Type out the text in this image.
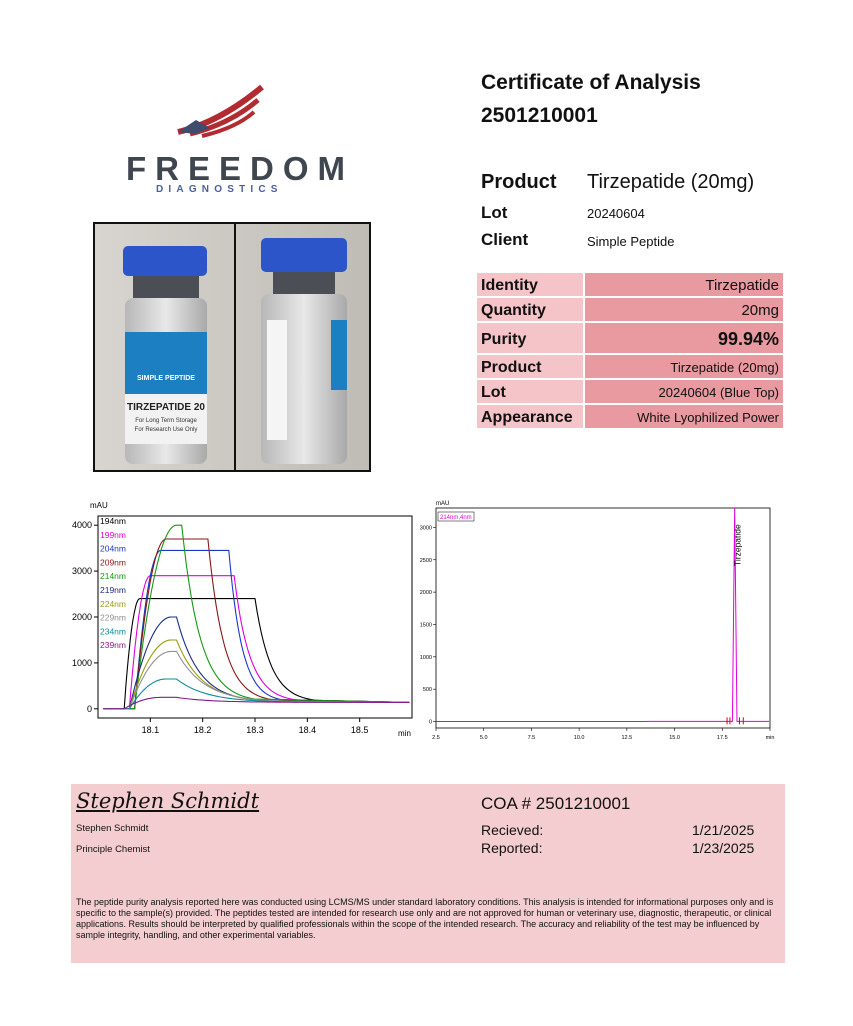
FREEDOM
DIAGNOSTICS
SIMPLE PEPTIDE
TIRZEPATIDE 20
For Long Term Storage
For Research Use Only
Certificate of Analysis
2501210001
Product Tirzepatide (20mg)
Lot	20240604
Client	Simple Peptide
Identity	Tirzepatide
Quantity	20mg
Purity	99.94%
Product	Tirzepatide (20mg)
Lot	20240604 (Blue Top)
Appearance	White Lyophilized Power
mAU
min
0
1000
2000
3000
4000
18.1	18.2	18.3	18.4	18.5
194nm
199nm
204nm
209nm
214nm
219nm
224nm
229nm
234nm
239nm
mAU
0
500
1000
1500
2000
2500
3000
2.5	5.0	7.5	10.0	12.5	15.0	17.5	min
214nm,4nm
Tirzepatide
Stephen Schmidt
Stephen Schmidt
Principle Chemist
COA # 2501210001
Recieved:	1/21/2025
Reported:	1/23/2025
The peptide purity analysis reported here was conducted using LCMS/MS under standard laboratory conditions. This analysis is intended for informational purposes only and is specific to the sample(s) provided. The peptides tested are intended for research use only and are not approved for human or veterinary use, diagnostic, therapeutic, or clinical applications. Results should be interpreted by qualified professionals within the scope of the intended research. The accuracy and reliability of the test may be influenced by sample integrity, handling, and other experimental variables.
